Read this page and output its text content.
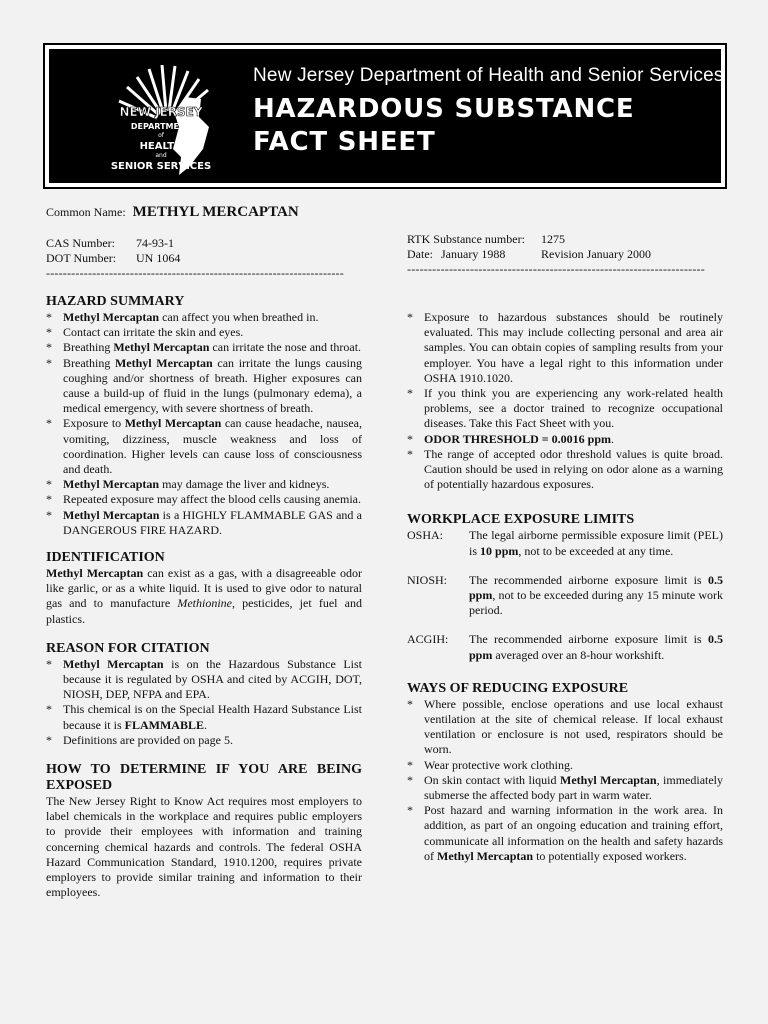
NEW JERSEY
DEPARTMENT
of
HEALTH
and
SENIOR SERVICES
New Jersey Department of Health and Senior Services
HAZARDOUS SUBSTANCE
FACT SHEET
Common Name: METHYL MERCAPTAN
CAS Number:	74-93-1
DOT Number:	UN 1064
-----------------------------------------------------------------------
RTK Substance number:	1275
Date: January 1988	Revision January 2000
-----------------------------------------------------------------------
HAZARD SUMMARY
* Methyl Mercaptan can affect you when breathed in.
* Contact can irritate the skin and eyes.
* Breathing Methyl Mercaptan can irritate the nose and throat.
* Breathing Methyl Mercaptan can irritate the lungs causing coughing and/or shortness of breath. Higher exposures can cause a build-up of fluid in the lungs (pulmonary edema), a medical emergency, with severe shortness of breath.
* Exposure to Methyl Mercaptan can cause headache, nausea, vomiting, dizziness, muscle weakness and loss of coordination. Higher levels can cause loss of consciousness and death.
* Methyl Mercaptan may damage the liver and kidneys.
* Repeated exposure may affect the blood cells causing anemia.
* Methyl Mercaptan is a HIGHLY FLAMMABLE GAS and a DANGEROUS FIRE HAZARD.
IDENTIFICATION

Methyl Mercaptan can exist as a gas, with a disagreeable odor like garlic, or as a white liquid. It is used to give odor to natural gas and to manufacture Methionine, pesticides, jet fuel and plastics.

REASON FOR CITATION
* Methyl Mercaptan is on the Hazardous Substance List because it is regulated by OSHA and cited by ACGIH, DOT, NIOSH, DEP, NFPA and EPA.
* This chemical is on the Special Health Hazard Substance List because it is FLAMMABLE.
* Definitions are provided on page 5.
HOW TO DETERMINE IF YOU ARE BEING EXPOSED

The New Jersey Right to Know Act requires most employers to label chemicals in the workplace and requires public employers to provide their employees with information and training concerning chemical hazards and controls. The federal OSHA Hazard Communication Standard, 1910.1200, requires private employers to provide similar training and information to their employees.

* Exposure to hazardous substances should be routinely evaluated. This may include collecting personal and area air samples. You can obtain copies of sampling results from your employer. You have a legal right to this information under OSHA 1910.1020.
* If you think you are experiencing any work-related health problems, see a doctor trained to recognize occupational diseases. Take this Fact Sheet with you.
* ODOR THRESHOLD = 0.0016 ppm.
* The range of accepted odor threshold values is quite broad. Caution should be used in relying on odor alone as a warning of potentially hazardous exposures.
WORKPLACE EXPOSURE LIMITS
OSHA:	The legal airborne permissible exposure limit (PEL) is 10 ppm, not to be exceeded at any time.
NIOSH:	The recommended airborne exposure limit is 0.5 ppm, not to be exceeded during any 15 minute work period.
ACGIH:	The recommended airborne exposure limit is 0.5 ppm averaged over an 8-hour workshift.
WAYS OF REDUCING EXPOSURE
* Where possible, enclose operations and use local exhaust ventilation at the site of chemical release. If local exhaust ventilation or enclosure is not used, respirators should be worn.
* Wear protective work clothing.
* On skin contact with liquid Methyl Mercaptan, immediately submerse the affected body part in warm water.
* Post hazard and warning information in the work area. In addition, as part of an ongoing education and training effort, communicate all information on the health and safety hazards of Methyl Mercaptan to potentially exposed workers.
